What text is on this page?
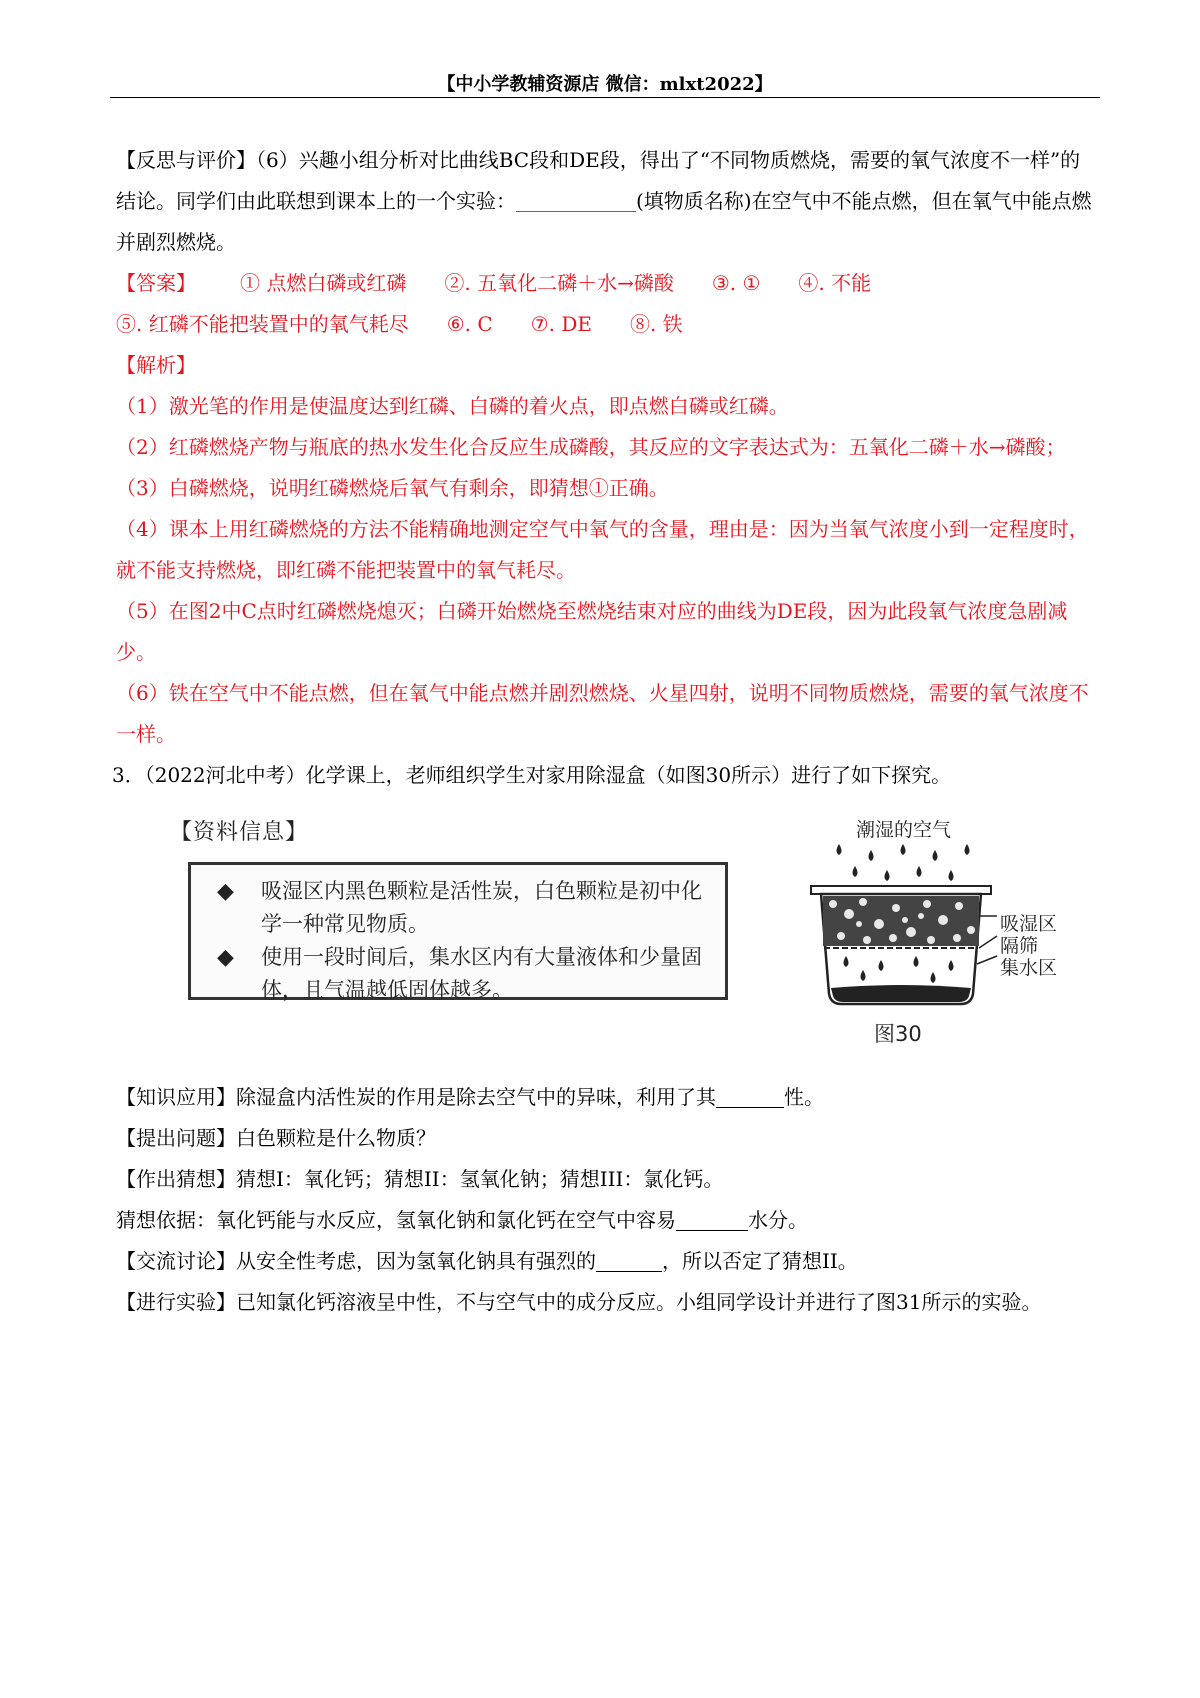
【中小学教辅资源店 微信：mlxt2022】

【反思与评价】（6）兴趣小组分析对比曲线BC段和DE段，得出了“不同物质燃烧，需要的氧气浓度不一样”的结论。同学们由此联想到课本上的一个实验：	(填物质名称)在空气中不能点燃，但在氧气中能点燃并剧烈燃烧。

【答案】 ① 点燃白磷或红磷 ②. 五氧化二磷＋水→磷酸 ③. ① ④. 不能⑤. 红磷不能把装置中的氧气耗尽 ⑥. C ⑦. DE ⑧. 铁

【解析】

（1）激光笔的作用是使温度达到红磷、白磷的着火点，即点燃白磷或红磷。

（2）红磷燃烧产物与瓶底的热水发生化合反应生成磷酸，其反应的文字表达式为：五氧化二磷＋水→磷酸；

（3）白磷燃烧，说明红磷燃烧后氧气有剩余，即猜想①正确。

（4）课本上用红磷燃烧的方法不能精确地测定空气中氧气的含量，理由是：因为当氧气浓度小到一定程度时，就不能支持燃烧，即红磷不能把装置中的氧气耗尽。

（5）在图2中C点时红磷燃烧熄灭；白磷开始燃烧至燃烧结束对应的曲线为DE段，因为此段氧气浓度急剧减少。

（6）铁在空气中不能点燃，但在氧气中能点燃并剧烈燃烧、火星四射，说明不同物质燃烧，需要的氧气浓度不一样。

3．（2022河北中考）化学课上，老师组织学生对家用除湿盒（如图30所示）进行了如下探究。

【资料信息】
◆ 吸湿区内黑色颗粒是活性炭，白色颗粒是初中化学一种常见物质。
◆ 使用一段时间后，集水区内有大量液体和少量固体，且气温越低固体越多。
潮湿的空气
吸湿区
隔筛
集水区
图30

【知识应用】除湿盒内活性炭的作用是除去空气中的异味，利用了其	性。

【提出问题】白色颗粒是什么物质？

【作出猜想】猜想I：氧化钙；猜想II：氢氧化钠；猜想III：氯化钙。

猜想依据：氧化钙能与水反应，氢氧化钠和氯化钙在空气中容易	水分。

【交流讨论】从安全性考虑，因为氢氧化钠具有强烈的	，所以否定了猜想II。

【进行实验】已知氯化钙溶液呈中性，不与空气中的成分反应。小组同学设计并进行了图31所示的实验。
